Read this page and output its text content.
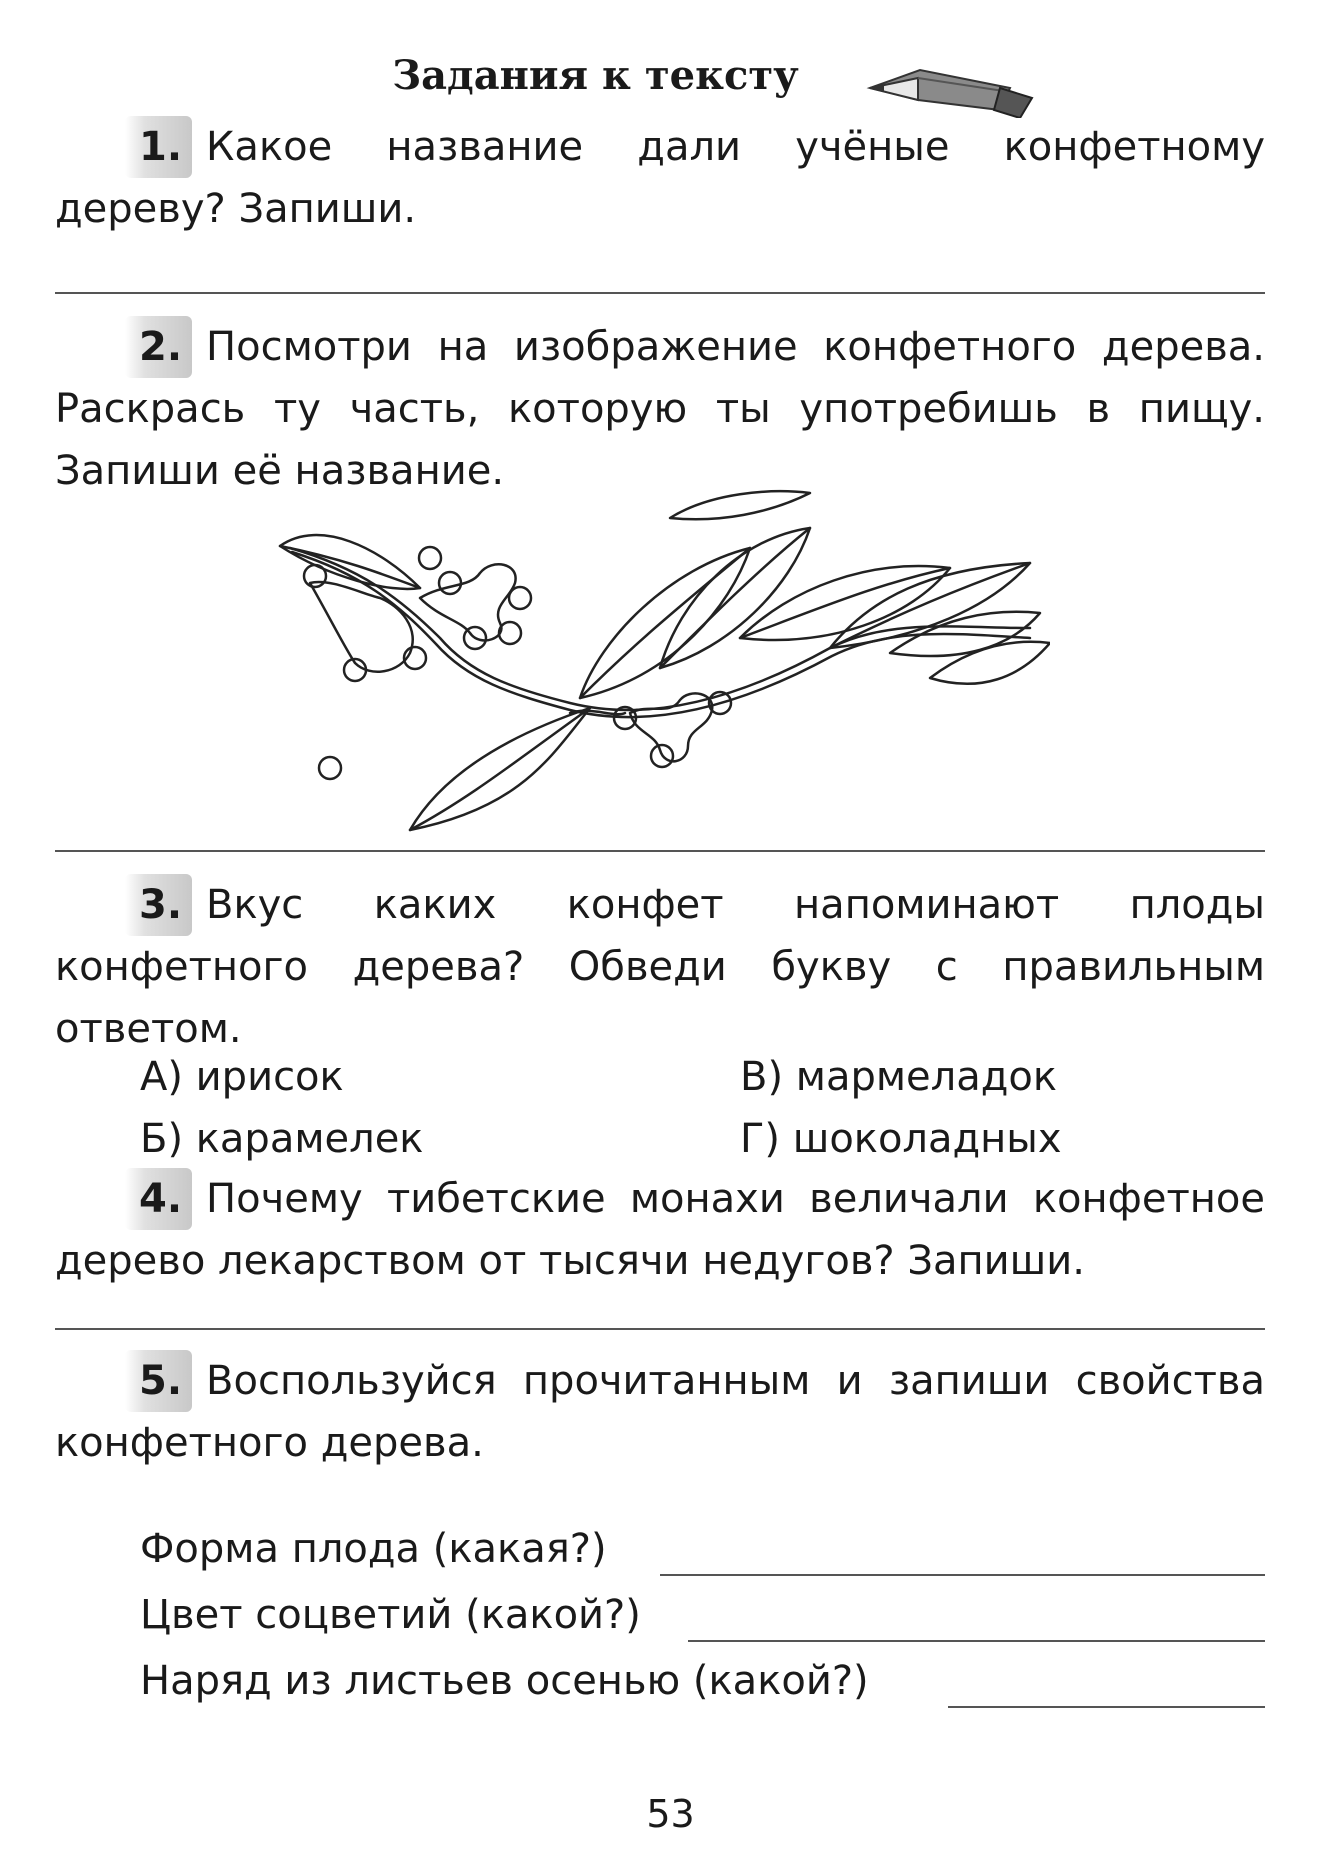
Задания к тексту
1. Какое название дали учёные конфетному дереву? Запиши.
2. Посмотри на изображение конфетного дерева. Раскрась ту часть, которую ты употребишь в пищу. Запиши её название.
3. Вкус каких конфет напоминают плоды конфетного дерева? Обведи букву с правильным ответом.
А) ирисок	В) мармеладок
Б) карамелек	Г) шоколадных
4. Почему тибетские монахи величали конфетное дерево лекарством от тысячи недугов? Запиши.
5. Воспользуйся прочитанным и запиши свойства конфетного дерева.
Форма плода (какая?)
Цвет соцветий (какой?)
Наряд из листьев осенью (какой?)
53
